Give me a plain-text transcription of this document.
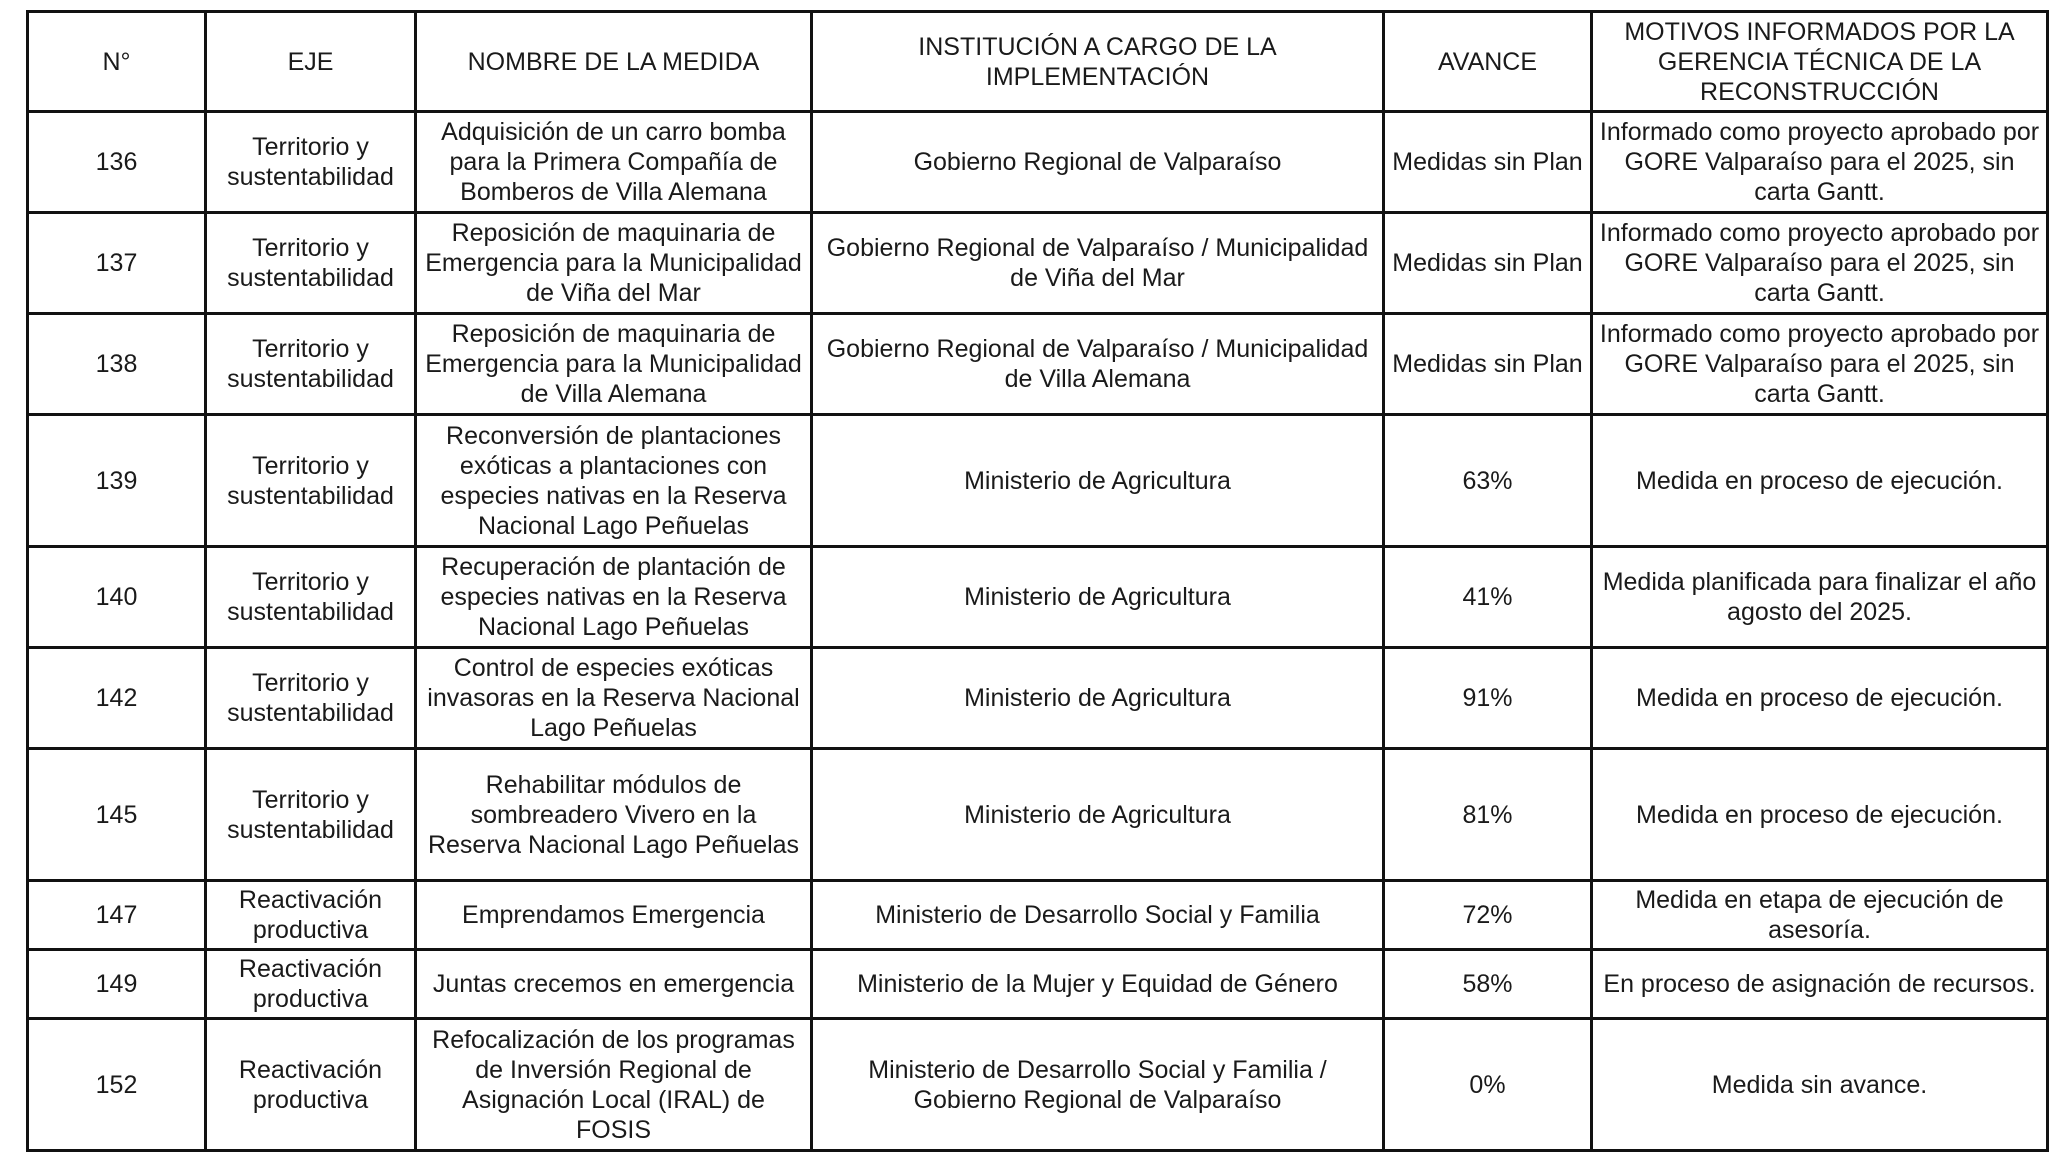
N°	EJE	NOMBRE DE LA MEDIDA	INSTITUCIÓN A CARGO DE LA IMPLEMENTACIÓN	AVANCE	MOTIVOS INFORMADOS POR LA GERENCIA TÉCNICA DE LA RECONSTRUCCIÓN
136	Territorio y sustentabilidad	Adquisición de un carro bomba para la Primera Compañía de Bomberos de Villa Alemana	Gobierno Regional de Valparaíso	Medidas sin Plan	Informado como proyecto aprobado por GORE Valparaíso para el 2025, sin carta Gantt.
137	Territorio y sustentabilidad	Reposición de maquinaria de Emergencia para la Municipalidad de Viña del Mar	Gobierno Regional de Valparaíso / Municipalidad de Viña del Mar	Medidas sin Plan	Informado como proyecto aprobado por GORE Valparaíso para el 2025, sin carta Gantt.
138	Territorio y sustentabilidad	Reposición de maquinaria de Emergencia para la Municipalidad de Villa Alemana	Gobierno Regional de Valparaíso / Municipalidad de Villa Alemana	Medidas sin Plan	Informado como proyecto aprobado por GORE Valparaíso para el 2025, sin carta Gantt.
139	Territorio y sustentabilidad	Reconversión de plantaciones exóticas a plantaciones con especies nativas en la Reserva Nacional Lago Peñuelas	Ministerio de Agricultura	63%	Medida en proceso de ejecución.
140	Territorio y sustentabilidad	Recuperación de plantación de especies nativas en la Reserva Nacional Lago Peñuelas	Ministerio de Agricultura	41%	Medida planificada para finalizar el año agosto del 2025.
142	Territorio y sustentabilidad	Control de especies exóticas invasoras en la Reserva Nacional Lago Peñuelas	Ministerio de Agricultura	91%	Medida en proceso de ejecución.
145	Territorio y sustentabilidad	Rehabilitar módulos de sombreadero Vivero en la Reserva Nacional Lago Peñuelas	Ministerio de Agricultura	81%	Medida en proceso de ejecución.
147	Reactivación productiva	Emprendamos Emergencia	Ministerio de Desarrollo Social y Familia	72%	Medida en etapa de ejecución de asesoría.
149	Reactivación productiva	Juntas crecemos en emergencia	Ministerio de la Mujer y Equidad de Género	58%	En proceso de asignación de recursos.
152	Reactivación productiva	Refocalización de los programas de Inversión Regional de Asignación Local (IRAL) de FOSIS	Ministerio de Desarrollo Social y Familia / Gobierno Regional de Valparaíso	0%	Medida sin avance.
